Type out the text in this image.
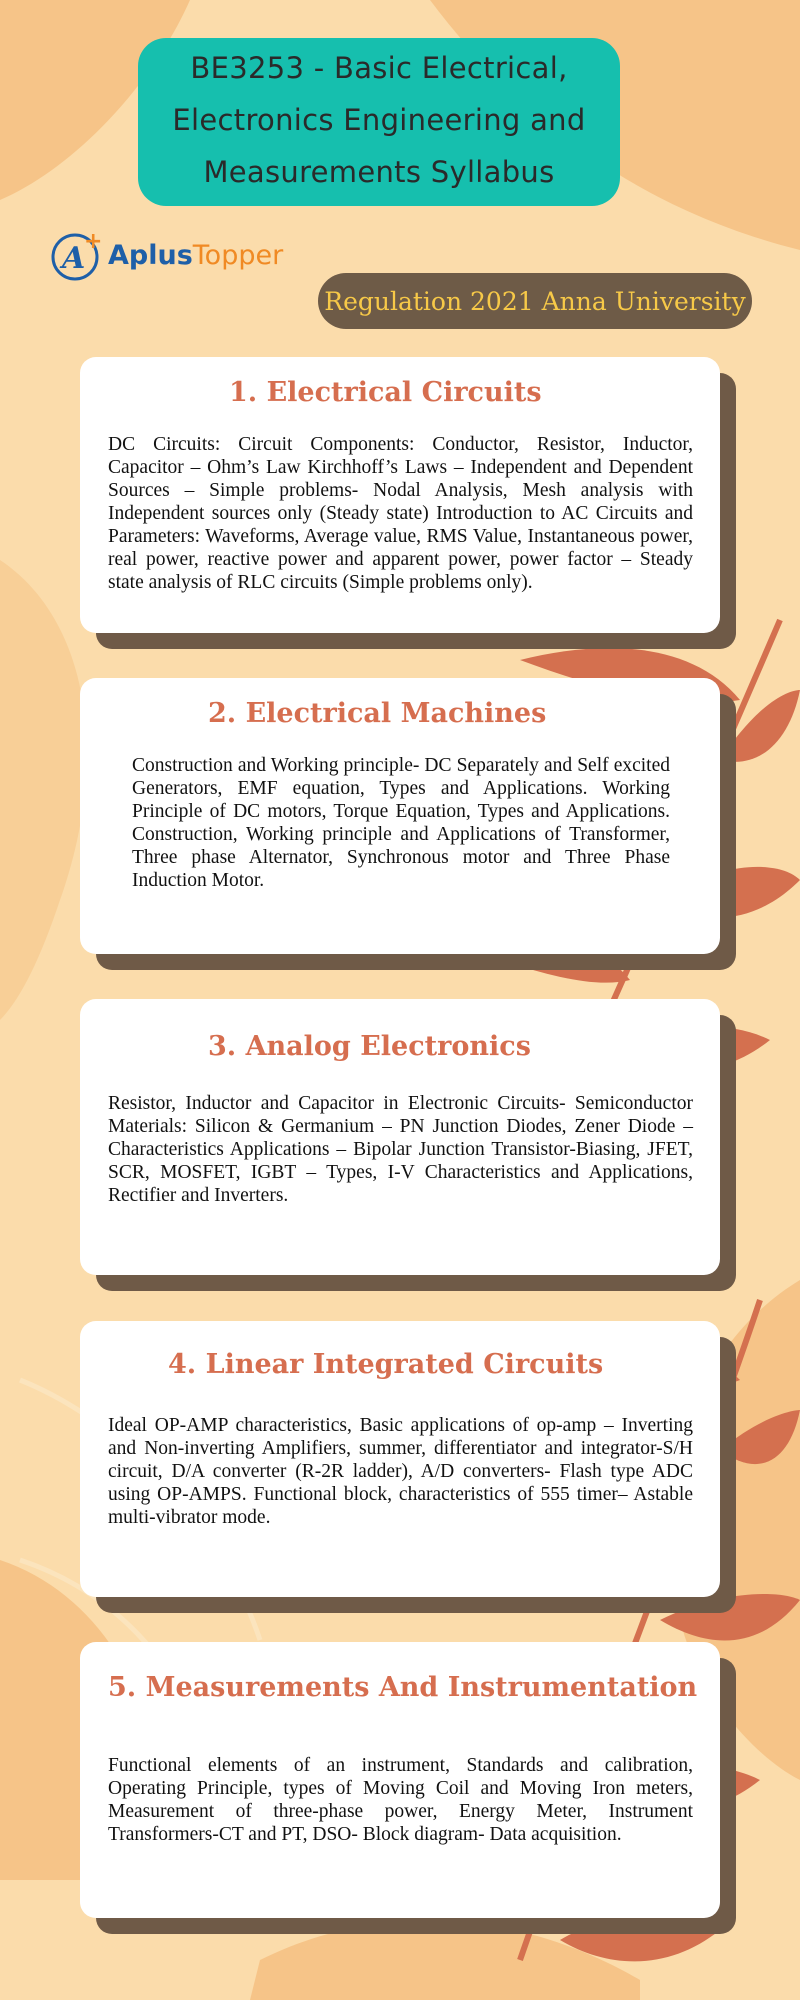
BE3253 - Basic Electrical,
Electronics Engineering and
Measurements Syllabus
A
+ AplusTopper
Regulation 2021 Anna University
1. Electrical Circuits

DC Circuits: Circuit Components: Conductor, Resistor, Inductor, Capacitor – Ohm’s Law Kirchhoff’s Laws – Independent and Dependent Sources – Simple problems- Nodal Analysis, Mesh analysis with Independent sources only (Steady state) Introduction to AC Circuits and Parameters: Waveforms, Average value, RMS Value, Instantaneous power, real power, reactive power and apparent power, power factor – Steady state analysis of RLC circuits (Simple problems only).

2. Electrical Machines

Construction and Working principle- DC Separately and Self excited Generators, EMF equation, Types and Applications. Working Principle of DC motors, Torque Equation, Types and Applications. Construction, Working principle and Applications of Transformer, Three phase Alternator, Synchronous motor and Three Phase Induction Motor.

3. Analog Electronics

Resistor, Inductor and Capacitor in Electronic Circuits- Semiconductor Materials: Silicon & Germanium – PN Junction Diodes, Zener Diode –Characteristics Applications – Bipolar Junction Transistor-Biasing, JFET, SCR, MOSFET, IGBT – Types, I-V Characteristics and Applications, Rectifier and Inverters.

4. Linear Integrated Circuits

Ideal OP-AMP characteristics, Basic applications of op-amp – Inverting and Non-inverting Amplifiers, summer, differentiator and integrator-S/H circuit, D/A converter (R-2R ladder), A/D converters- Flash type ADC using OP-AMPS. Functional block, characteristics of 555 timer– Astable multi-vibrator mode.

5. Measurements And Instrumentation

Functional elements of an instrument, Standards and calibration, Operating Principle, types of Moving Coil and Moving Iron meters, Measurement of three-phase power, Energy Meter, Instrument Transformers-CT and PT, DSO- Block diagram- Data acquisition.
